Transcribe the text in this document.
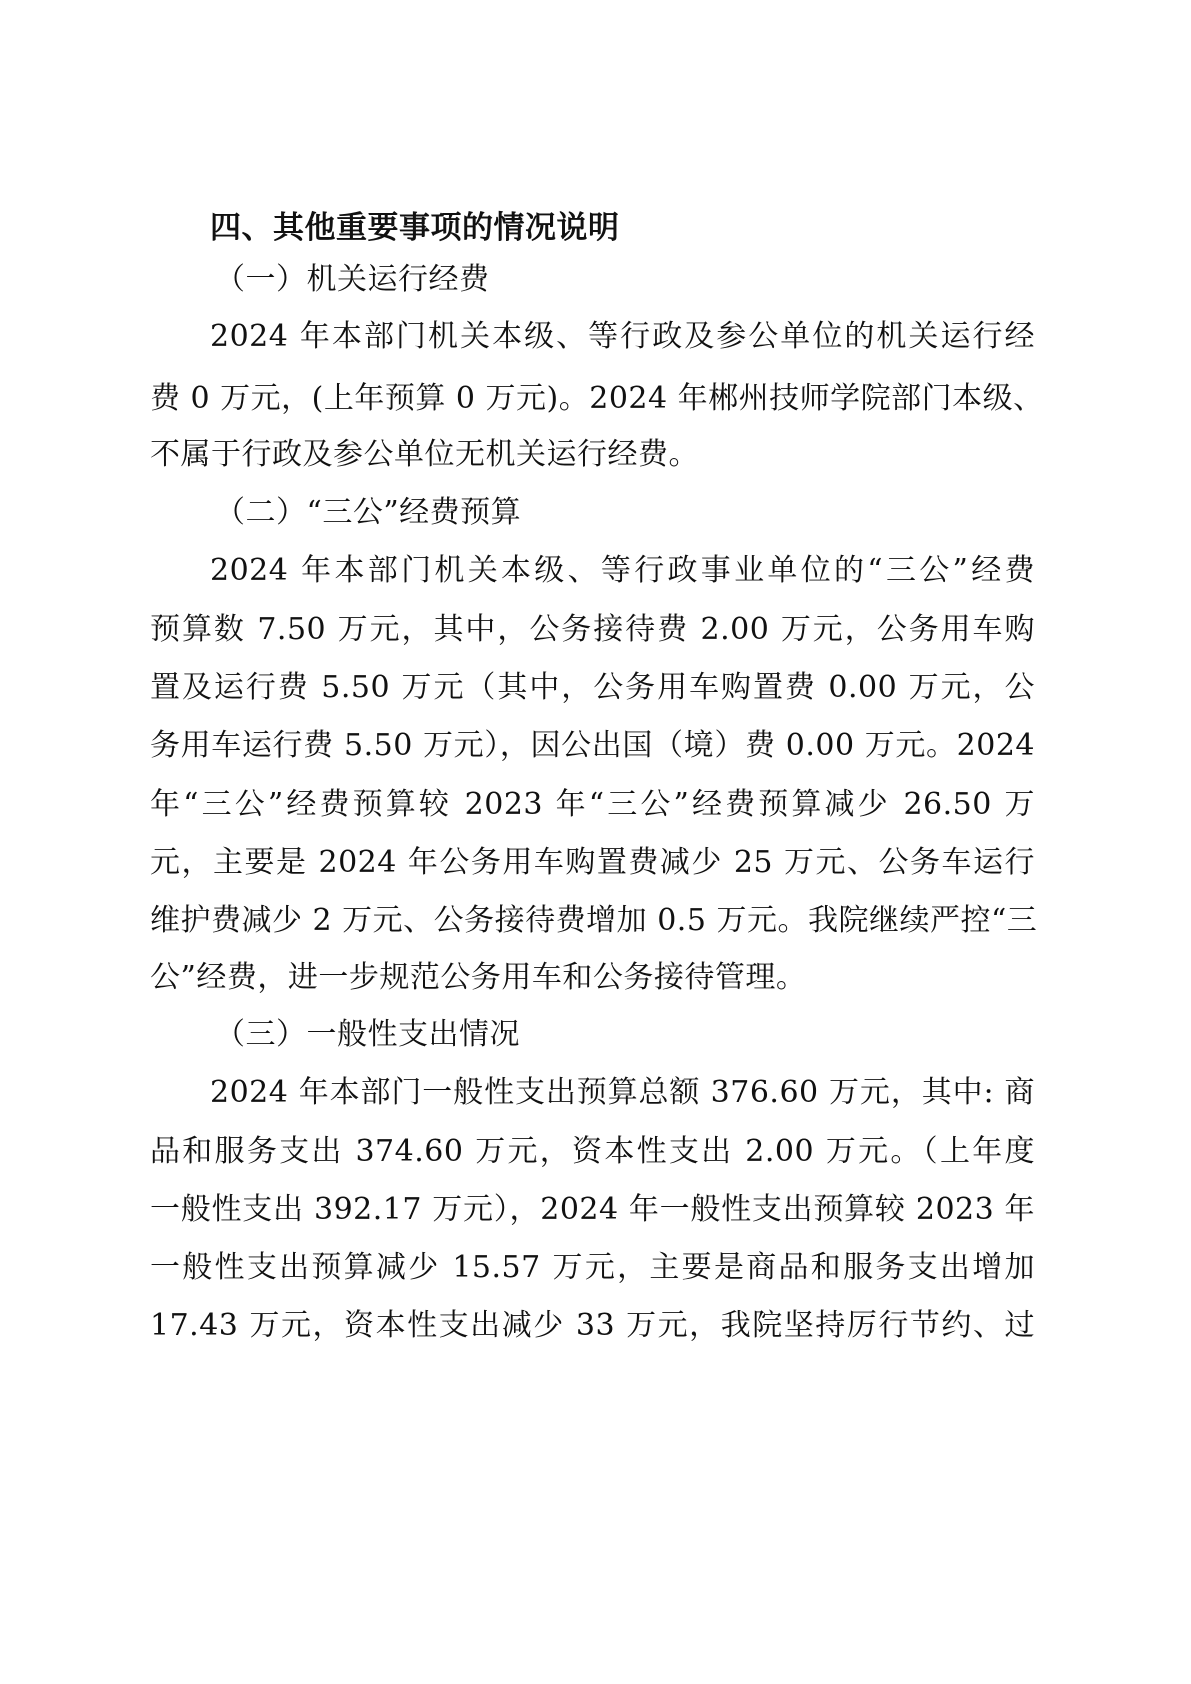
四、其他重要事项的情况说明
（一）机关运行经费
2024 年本部门机关本级、等行政及参公单位的机关运行经
费 0 万元，(上年预算 0 万元)。2024 年郴州技师学院部门本级、
不属于行政及参公单位无机关运行经费。
（二）“三公”经费预算
2024 年本部门机关本级、等行政事业单位的“三公”经费
预算数 7.50 万元，其中，公务接待费 2.00 万元，公务用车购
置及运行费 5.50 万元（其中，公务用车购置费 0.00 万元，公
务用车运行费 5.50 万元），因公出国（境）费 0.00 万元。2024
年“三公”经费预算较 2023 年“三公”经费预算减少 26.50 万
元，主要是 2024 年公务用车购置费减少 25 万元、公务车运行
维护费减少 2 万元、公务接待费增加 0.5 万元。我院继续严控“三
公”经费，进一步规范公务用车和公务接待管理。
（三）一般性支出情况
2024 年本部门一般性支出预算总额 376.60 万元，其中: 商
品和服务支出 374.60 万元，资本性支出 2.00 万元。（上年度
一般性支出 392.17 万元），2024 年一般性支出预算较 2023 年
一般性支出预算减少 15.57 万元，主要是商品和服务支出增加
17.43 万元，资本性支出减少 33 万元，我院坚持厉行节约、过
